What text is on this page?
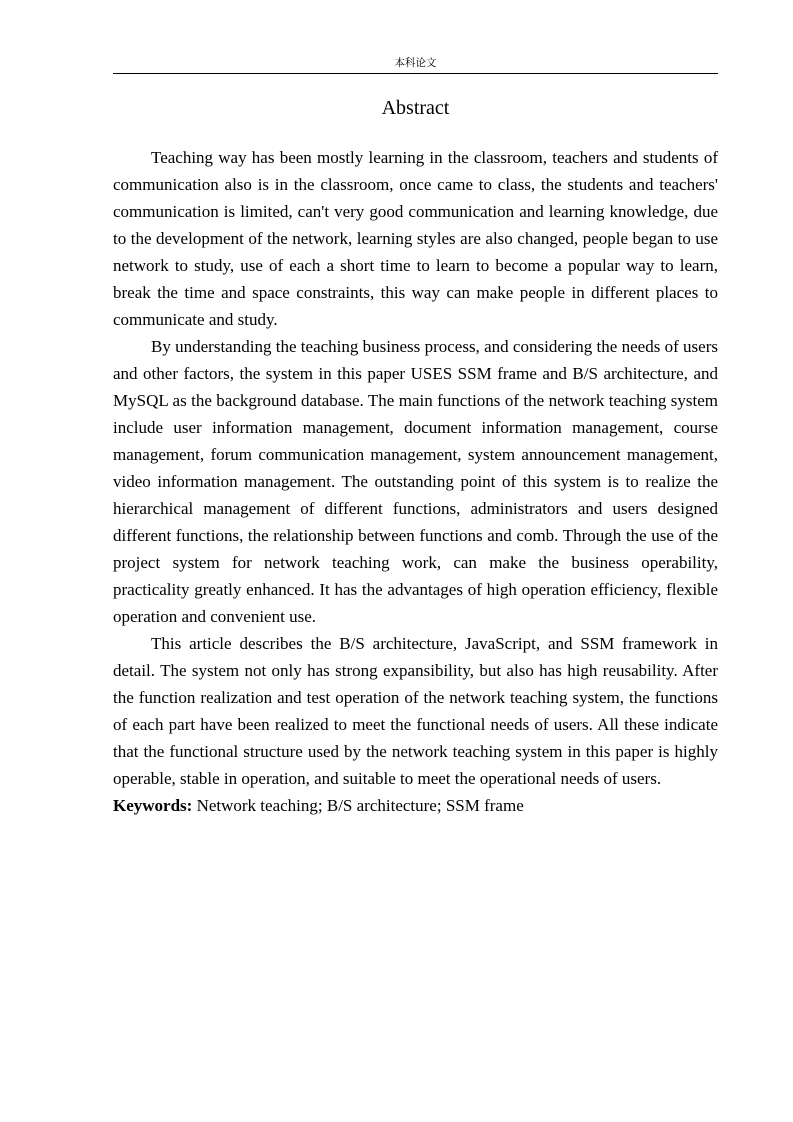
本科论文
Abstract

Teaching way has been mostly learning in the classroom, teachers and students of communication also is in the classroom, once came to class, the students and teachers' communication is limited, can't very good communication and learning knowledge, due to the development of the network, learning styles are also changed, people began to use network to study, use of each a short time to learn to become a popular way to learn, break the time and space constraints, this way can make people in different places to communicate and study.

By understanding the teaching business process, and considering the needs of users and other factors, the system in this paper USES SSM frame and B/S architecture, and MySQL as the background database. The main functions of the network teaching system include user information management, document information management, course management, forum communication management, system announcement management, video information management. The outstanding point of this system is to realize the hierarchical management of different functions, administrators and users designed different functions, the relationship between functions and comb. Through the use of the project system for network teaching work, can make the business operability, practicality greatly enhanced. It has the advantages of high operation efficiency, flexible operation and convenient use.

This article describes the B/S architecture, JavaScript, and SSM framework in detail. The system not only has strong expansibility, but also has high reusability. After the function realization and test operation of the network teaching system, the functions of each part have been realized to meet the functional needs of users. All these indicate that the functional structure used by the network teaching system in this paper is highly operable, stable in operation, and suitable to meet the operational needs of users.

Keywords: Network teaching; B/S architecture; SSM frame
